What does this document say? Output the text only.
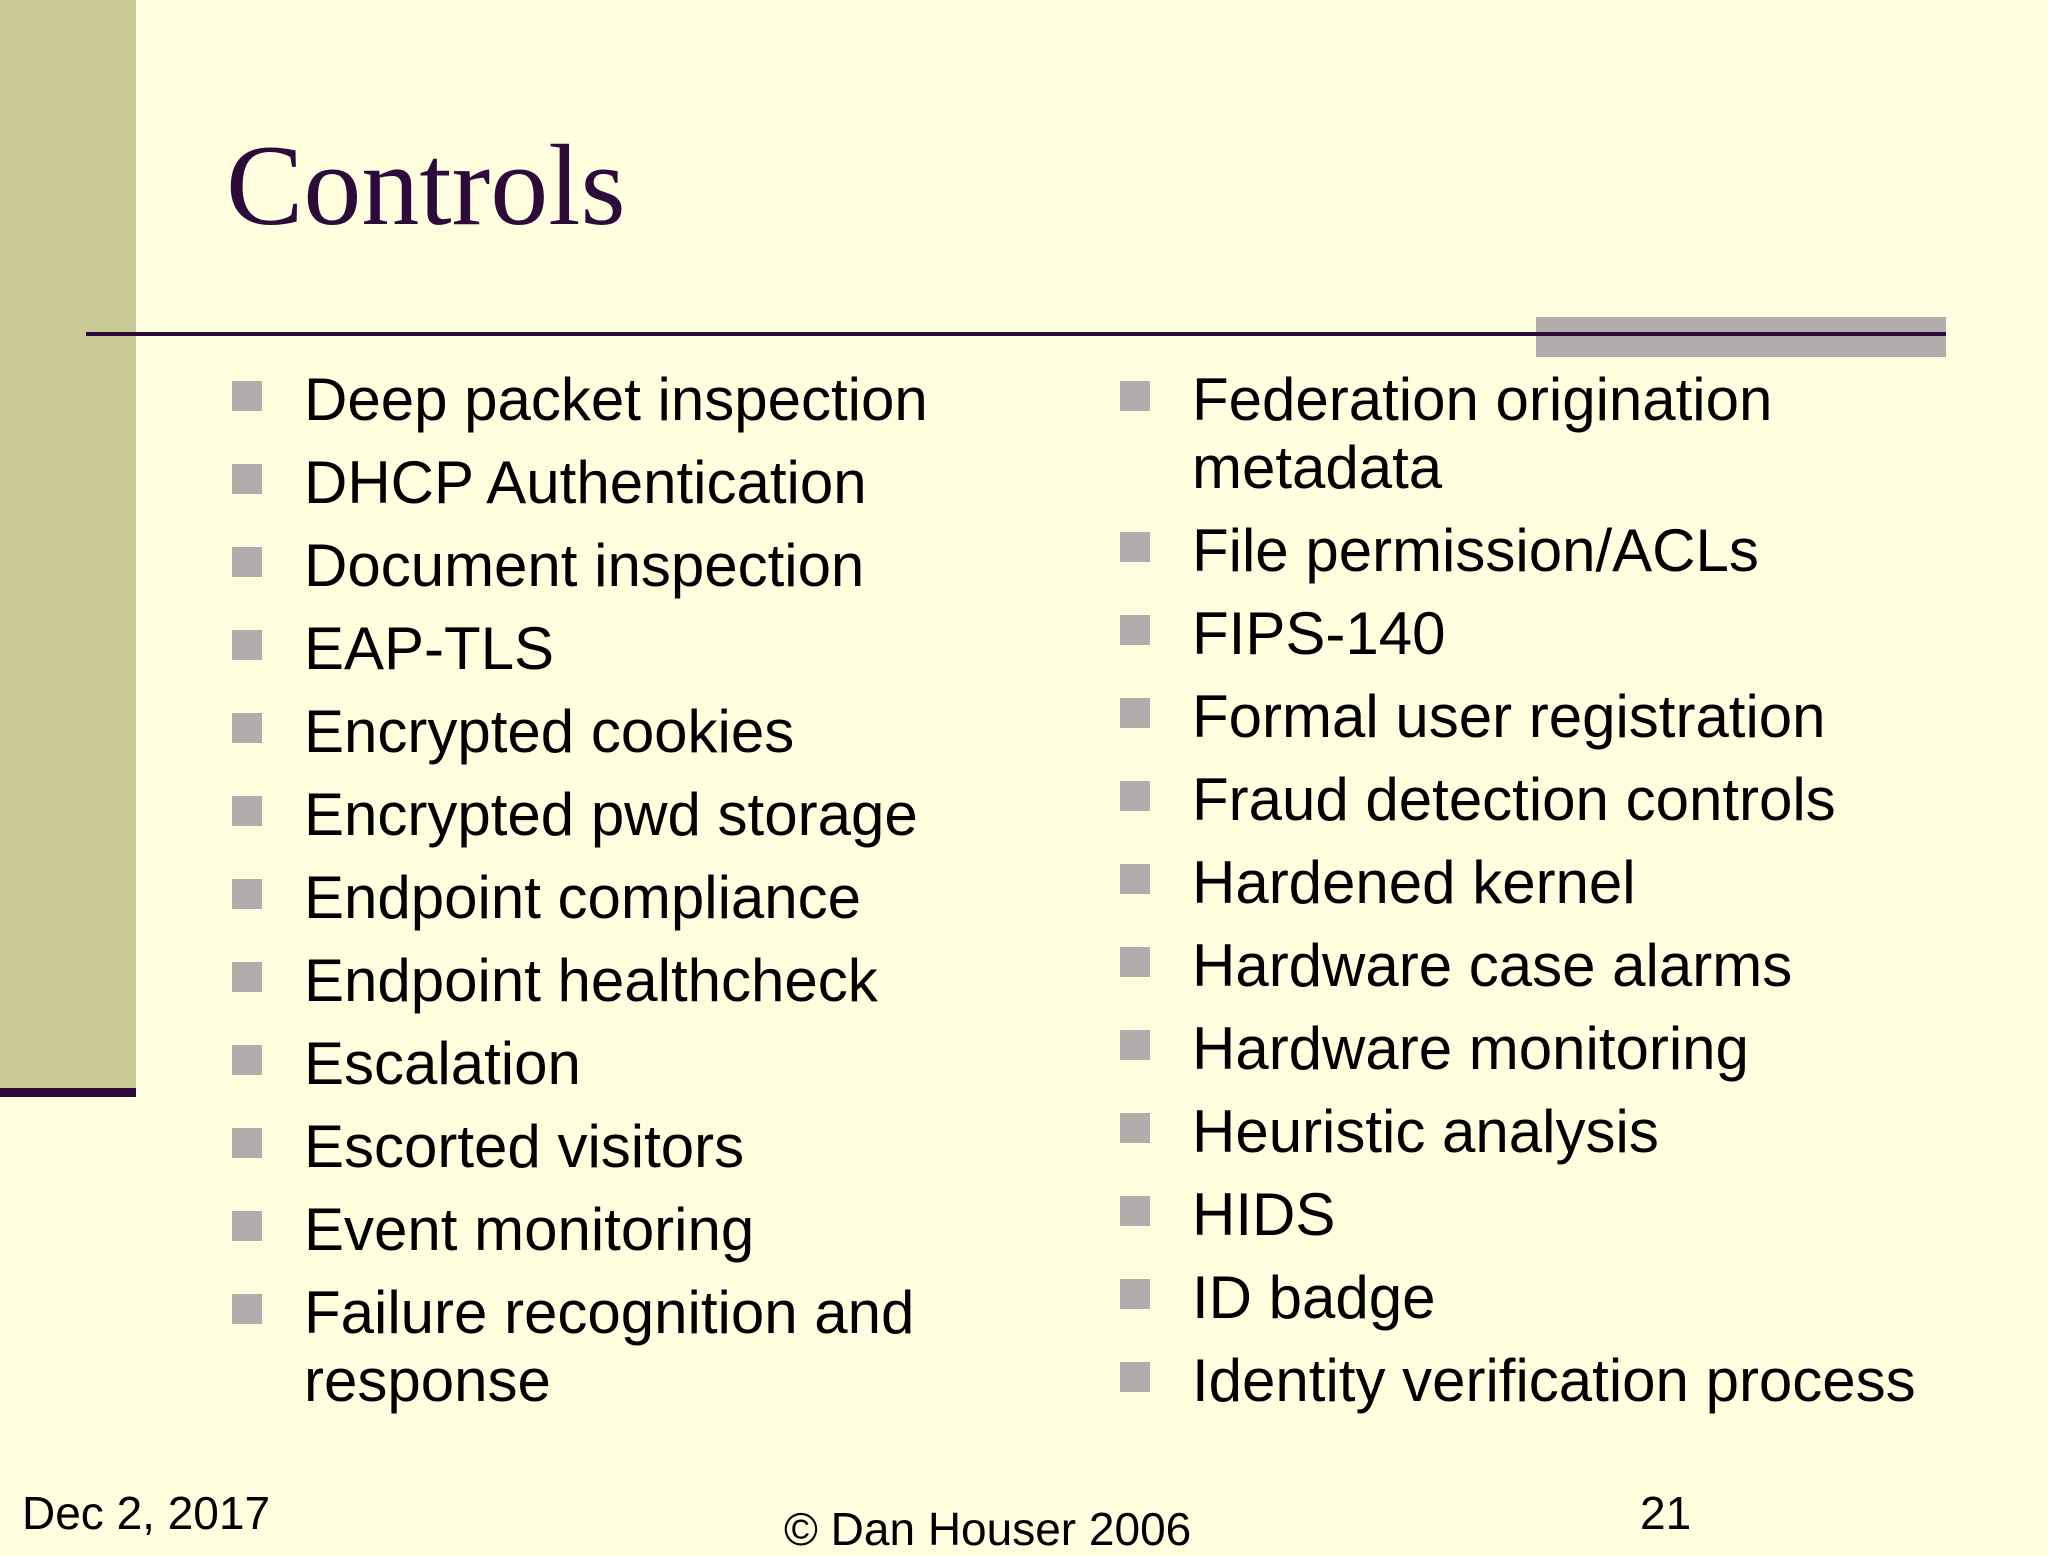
Controls
Deep packet inspection
DHCP Authentication
Document inspection
EAP-TLS
Encrypted cookies
Encrypted pwd storage
Endpoint compliance
Endpoint healthcheck
Escalation
Escorted visitors
Event monitoring
Failure recognition and response
Federation origination metadata
File permission/ACLs
FIPS-140
Formal user registration
Fraud detection controls
Hardened kernel
Hardware case alarms
Hardware monitoring
Heuristic analysis
HIDS
ID badge
Identity verification process
Dec 2, 2017	© Dan Houser 2006	21
